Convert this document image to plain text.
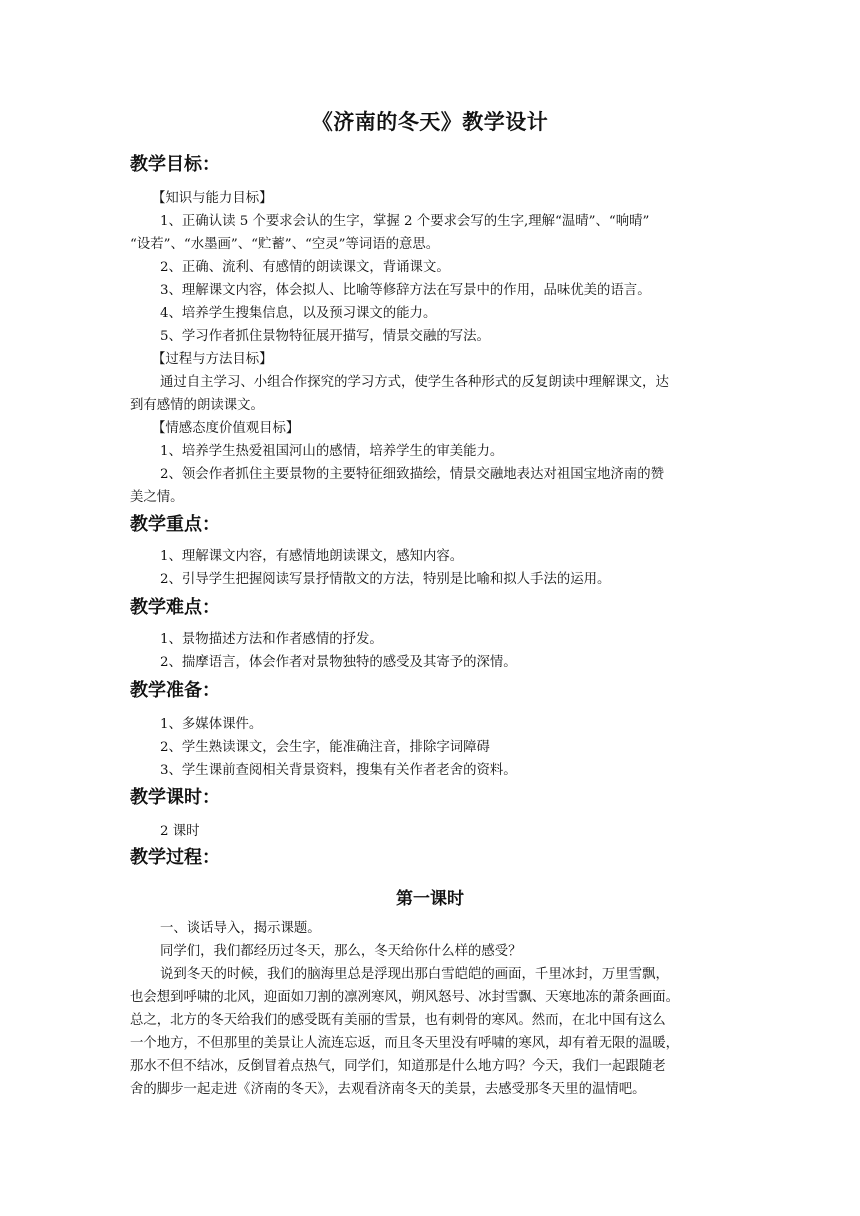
《济南的冬天》教学设计
教学目标：
【知识与能力目标】
1、正确认读 5 个要求会认的生字，掌握 2 个要求会写的生字,理解“温晴”、“响晴”
“设若”、“水墨画”、“贮蓄”、“空灵”等词语的意思。
2、正确、流利、有感情的朗读课文，背诵课文。
3、理解课文内容，体会拟人、比喻等修辞方法在写景中的作用，品味优美的语言。
4、培养学生搜集信息，以及预习课文的能力。
5、学习作者抓住景物特征展开描写，情景交融的写法。
【过程与方法目标】
通过自主学习、小组合作探究的学习方式，使学生各种形式的反复朗读中理解课文，达
到有感情的朗读课文。
【情感态度价值观目标】
1、培养学生热爱祖国河山的感情，培养学生的审美能力。
2、领会作者抓住主要景物的主要特征细致描绘，情景交融地表达对祖国宝地济南的赞
美之情。
教学重点：
1、理解课文内容，有感情地朗读课文，感知内容。
2、引导学生把握阅读写景抒情散文的方法，特别是比喻和拟人手法的运用。
教学难点：
1、景物描述方法和作者感情的抒发。
2、揣摩语言，体会作者对景物独特的感受及其寄予的深情。
教学准备：
1、多媒体课件。
2、学生熟读课文，会生字，能准确注音，排除字词障碍
3、学生课前查阅相关背景资料，搜集有关作者老舍的资料。
教学课时：
2 课时
教学过程：
第一课时
一、谈话导入，揭示课题。
同学们，我们都经历过冬天，那么，冬天给你什么样的感受？
说到冬天的时候，我们的脑海里总是浮现出那白雪皑皑的画面，千里冰封，万里雪飘，
也会想到呼啸的北风，迎面如刀割的凛冽寒风，朔风怒号、冰封雪飘、天寒地冻的萧条画面。
总之，北方的冬天给我们的感受既有美丽的雪景，也有刺骨的寒风。然而，在北中国有这么
一个地方，不但那里的美景让人流连忘返，而且冬天里没有呼啸的寒风，却有着无限的温暖，
那水不但不结冰，反倒冒着点热气，同学们，知道那是什么地方吗？今天，我们一起跟随老
舍的脚步一起走进《济南的冬天》，去观看济南冬天的美景，去感受那冬天里的温情吧。
